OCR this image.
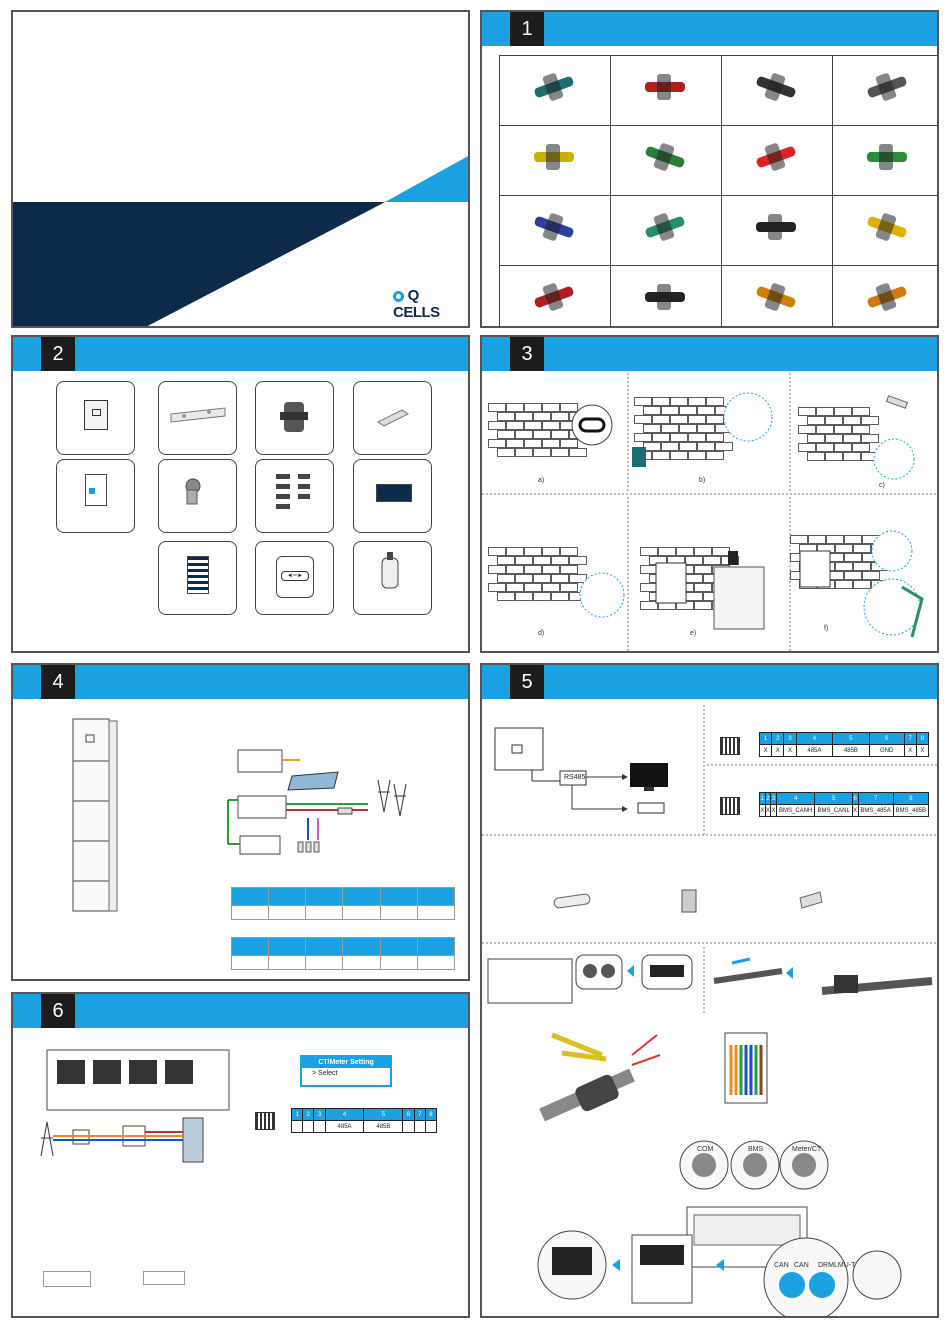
Q CELLS
1
2
◄═►
3
a)	b)
c)
d)	e)
f)
4

						5
RS485
1	2	3	4	5	6	7	8
X	X	X	485A	485B	GND	X	X
1	2	3	4	5	6	7	8
X	X	X	BMS_CANH	BMS_CANL	X	BMS_485A	BMS_485B
COM	BMS	Meter/CT
CAN CAN DRM LMU-T
6
CT/Meter Setting
> Select
1	2	3	4	5	6	7	8
			485A	485B			
